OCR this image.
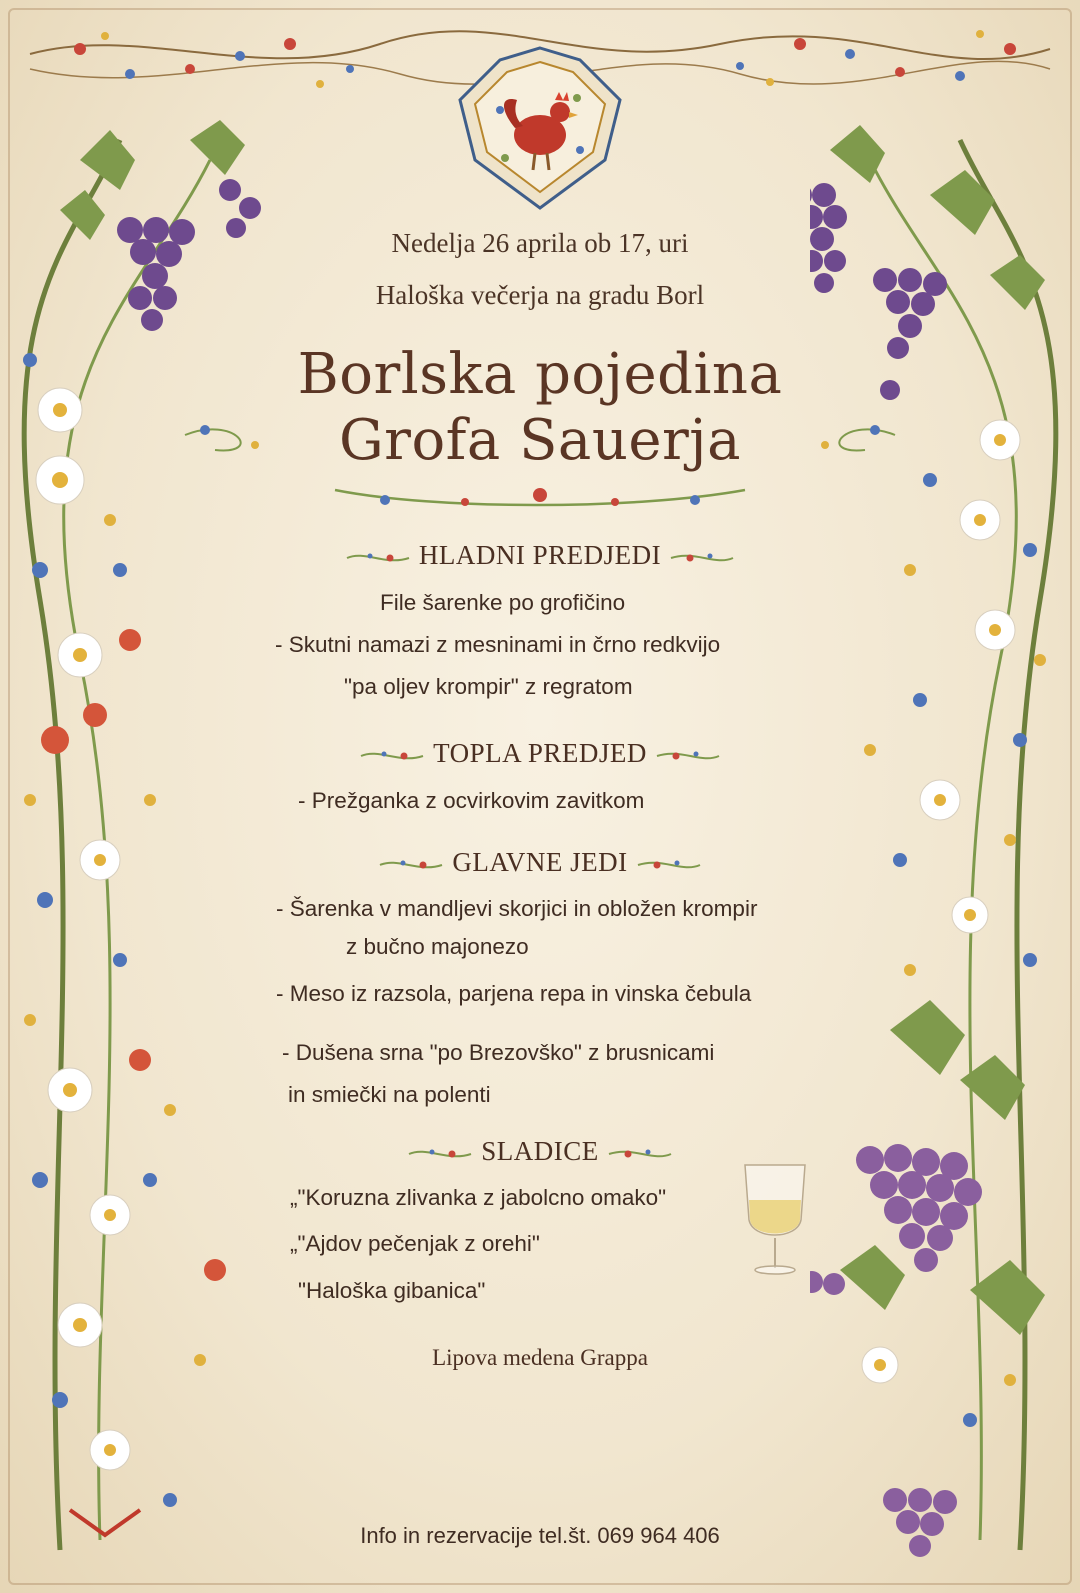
Nedelja 26 aprila ob 17, uri
Haloška večerja na gradu Borl
Borlska pojedina
Grofa Sauerja
HLADNI PREDJEDI
File šarenke po grofičino
- Skutni namazi z mesninami in črno redkvijo
"pa oljev krompir" z regratom
TOPLA PREDJED
- Prežganka z ocvirkovim zavitkom
GLAVNE JEDI
- Šarenka v mandljevi skorjici in obložen krompir
z bučno majonezo
- Meso iz razsola, parjena repa in vinska čebula
- Dušena srna "po Brezovško" z brusnicami
in smiečki na polenti
SLADICE
„"Koruzna zlivanka z jabolcno omako"
„"Ajdov pečenjak z orehi"
"Haloška gibanica"
Lipova medena Grappa
Info in rezervacije tel.št. 069 964 406
